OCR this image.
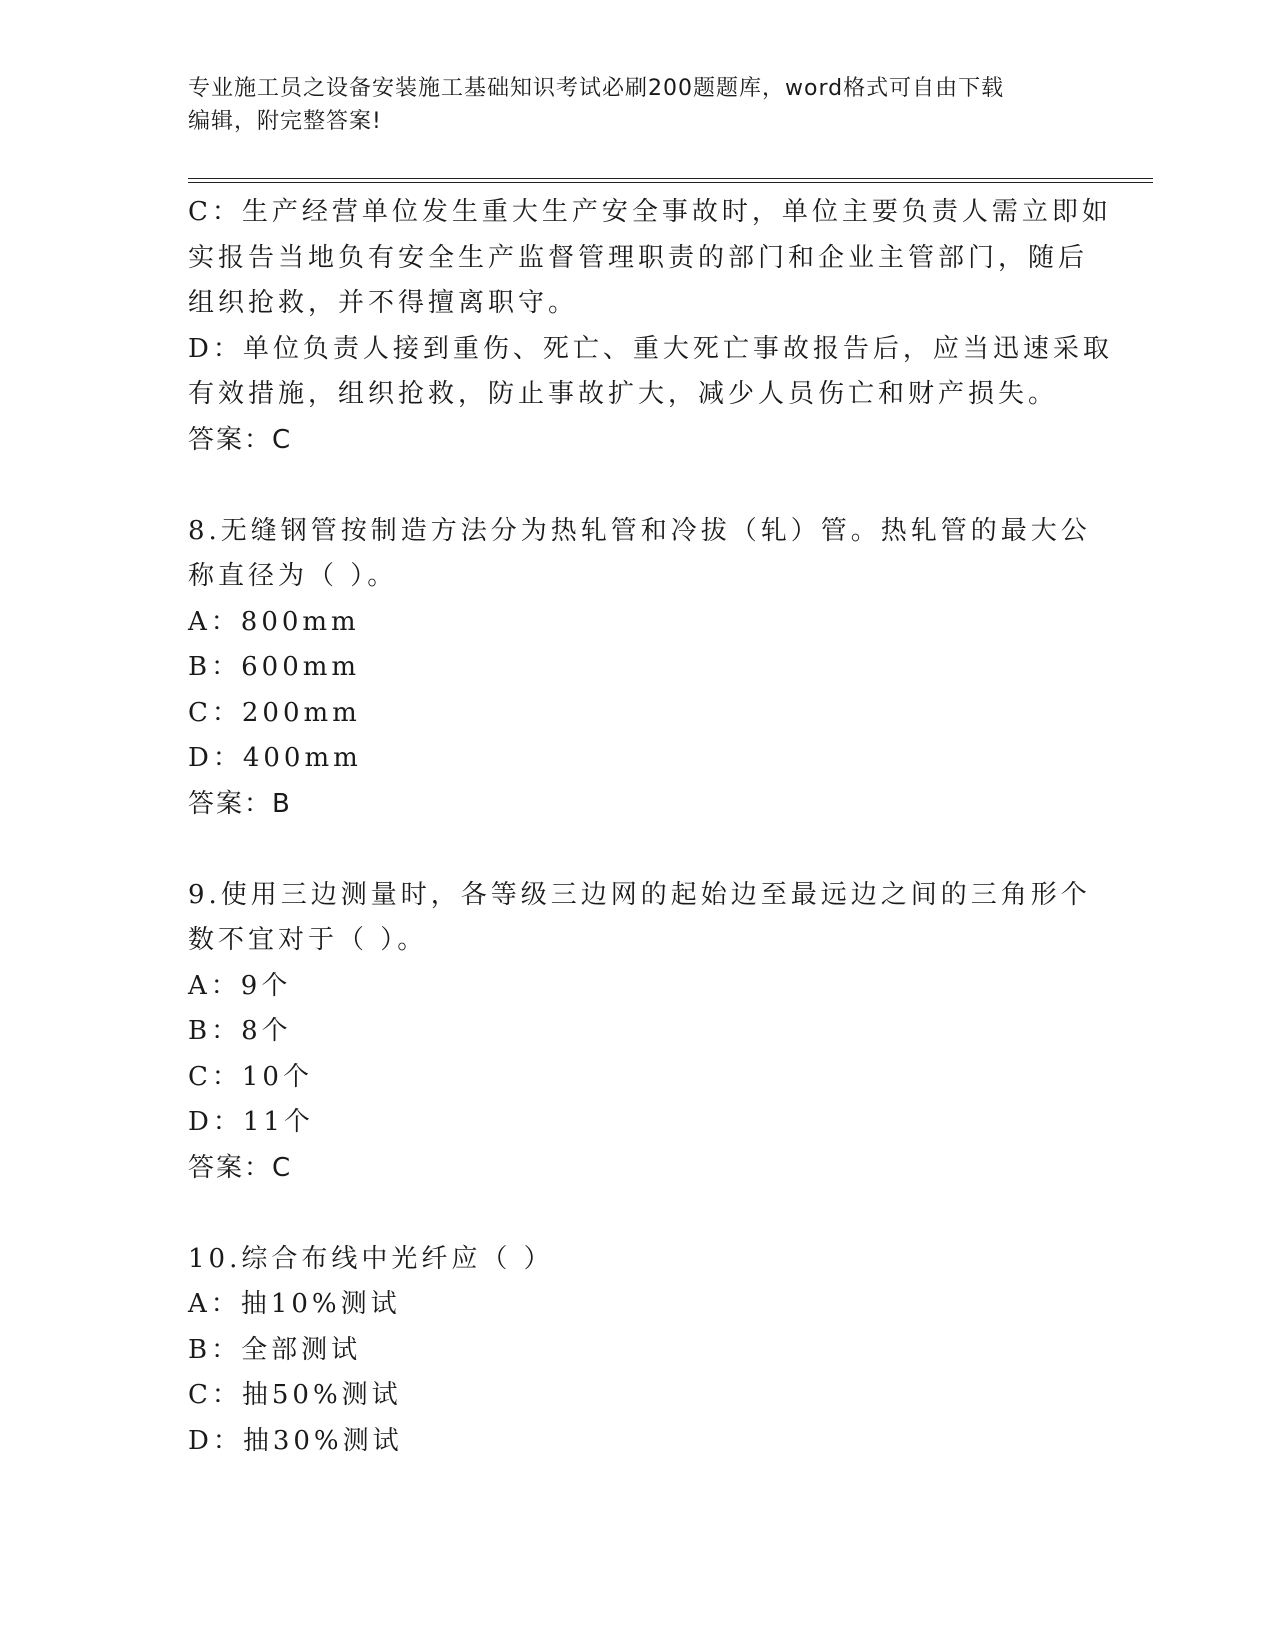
专业施工员之设备安装施工基础知识考试必刷200题题库，word格式可自由下载
编辑，附完整答案!
C：生产经营单位发生重大生产安全事故时，单位主要负责人需立即如
实报告当地负有安全生产监督管理职责的部门和企业主管部门，随后
组织抢救，并不得擅离职守。
D：单位负责人接到重伤、死亡、重大死亡事故报告后，应当迅速采取
有效措施，组织抢救，防止事故扩大，减少人员伤亡和财产损失。
答案：C
8.无缝钢管按制造方法分为热轧管和冷拔（轧）管。热轧管的最大公
称直径为（ ）。
A：800mm
B：600mm
C：200mm
D：400mm
答案：B
9.使用三边测量时，各等级三边网的起始边至最远边之间的三角形个
数不宜对于（ ）。
A：9个
B：8个
C：10个
D：11个
答案：C
10.综合布线中光纤应（ ）
A：抽10%测试
B：全部测试
C：抽50%测试
D：抽30%测试
